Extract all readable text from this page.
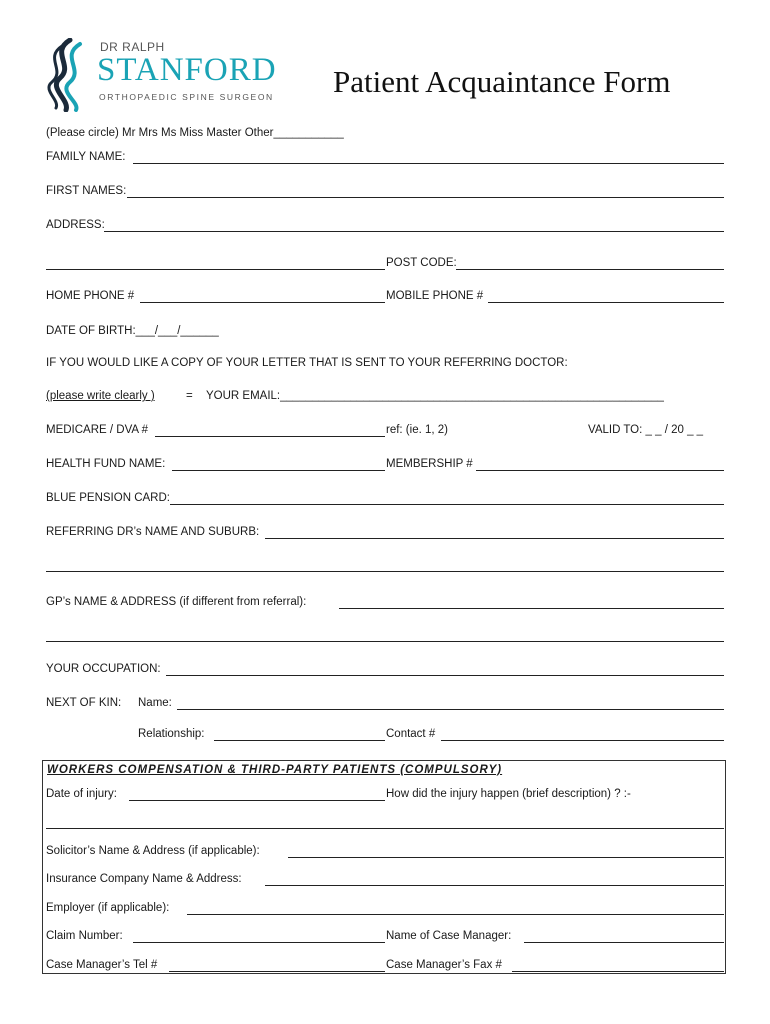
DR RALPH
STANFORD
ORTHOPAEDIC SPINE SURGEON Patient Acquaintance Form
(Please circle) Mr Mrs Ms Miss Master Other___________
FAMILY NAME:
FIRST NAMES:
ADDRESS:
POST CODE:
HOME PHONE #	MOBILE PHONE #
DATE OF BIRTH:___/___/______
IF YOU WOULD LIKE A COPY OF YOUR LETTER THAT IS SENT TO YOUR REFERRING DOCTOR:
(please write clearly )	= YOUR EMAIL:____________________________________________________________
MEDICARE / DVA #	ref: (ie. 1, 2)	VALID TO: _ _ / 20 _ _
HEALTH FUND NAME:	MEMBERSHIP #
BLUE PENSION CARD:
REFERRING DR’s NAME AND SUBURB:
GP’s NAME & ADDRESS (if different from referral):
YOUR OCCUPATION:
NEXT OF KIN: Name:
Relationship:	Contact #
WORKERS COMPENSATION & THIRD-PARTY PATIENTS (COMPULSORY)
Date of injury:	How did the injury happen (brief description) ? :-
Solicitor’s Name & Address (if applicable):
Insurance Company Name & Address:
Employer (if applicable):
Claim Number:	Name of Case Manager:
Case Manager’s Tel #	Case Manager’s Fax #
